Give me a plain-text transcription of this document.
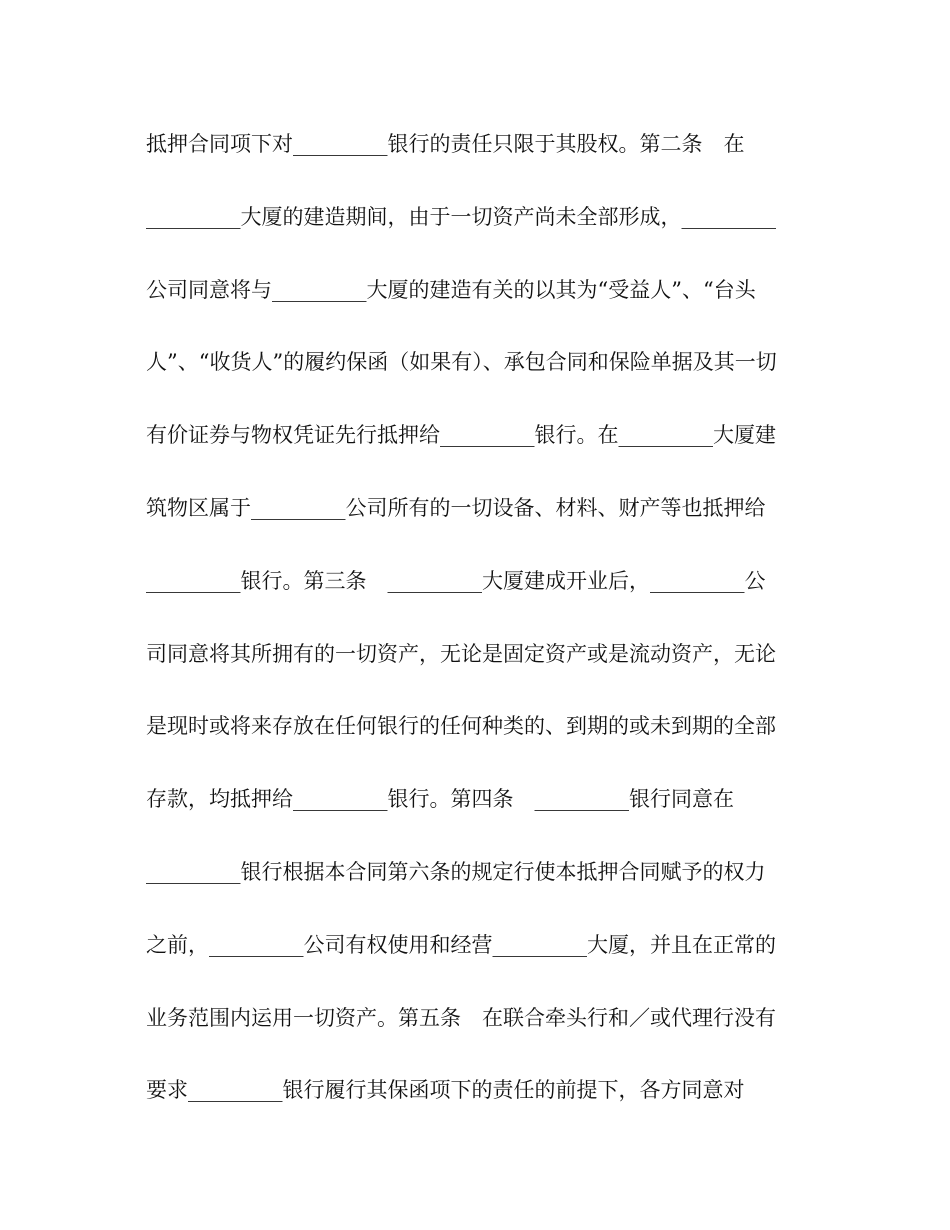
抵押合同项下对_________银行的责任只限于其股权。第二条　在

_________大厦的建造期间，由于一切资产尚未全部形成，_________

公司同意将与_________大厦的建造有关的以其为“受益人”、“台头

人”、“收货人”的履约保函（如果有）、承包合同和保险单据及其一切

有价证券与物权凭证先行抵押给_________银行。在_________大厦建

筑物区属于_________公司所有的一切设备、材料、财产等也抵押给

_________银行。第三条　_________大厦建成开业后，_________公

司同意将其所拥有的一切资产，无论是固定资产或是流动资产，无论

是现时或将来存放在任何银行的任何种类的、到期的或未到期的全部

存款，均抵押给_________银行。第四条　_________银行同意在

_________银行根据本合同第六条的规定行使本抵押合同赋予的权力

之前，_________公司有权使用和经营_________大厦，并且在正常的

业务范围内运用一切资产。第五条　在联合牵头行和／或代理行没有

要求_________银行履行其保函项下的责任的前提下，各方同意对
